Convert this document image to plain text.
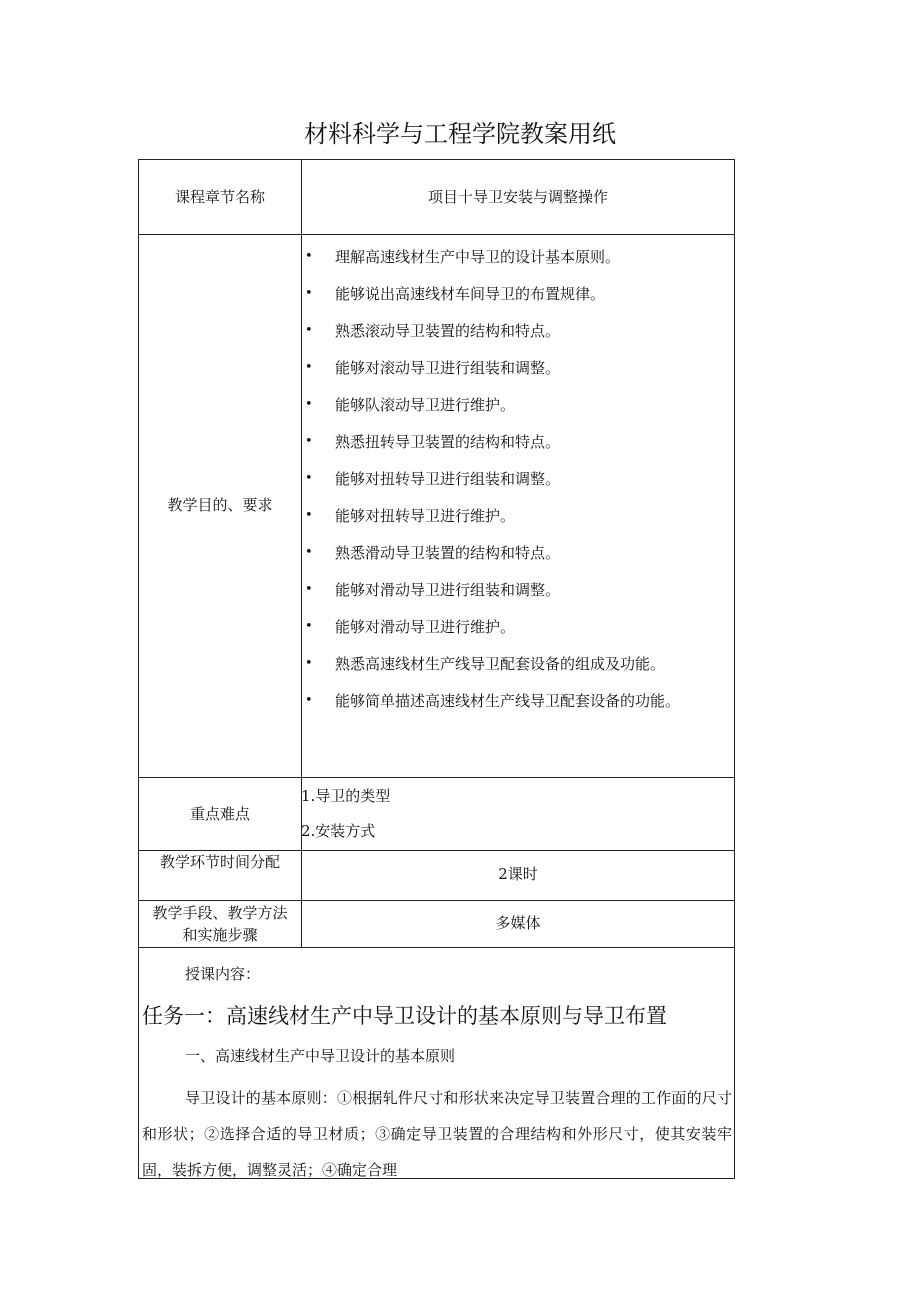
材料科学与工程学院教案用纸
课程章节名称	项目十导卫安装与调整操作
教学目的、要求
• 理解高速线材生产中导卫的设计基本原则。
• 能够说出高速线材车间导卫的布置规律。
• 熟悉滚动导卫装置的结构和特点。
• 能够对滚动导卫进行组装和调整。
• 能够队滚动导卫进行维护。
• 熟悉扭转导卫装置的结构和特点。
• 能够对扭转导卫进行组装和调整。
• 能够对扭转导卫进行维护。
• 熟悉滑动导卫装置的结构和特点。
• 能够对滑动导卫进行组装和调整。
• 能够对滑动导卫进行维护。
• 熟悉高速线材生产线导卫配套设备的组成及功能。
• 能够简单描述高速线材生产线导卫配套设备的功能。
重点难点
1.导卫的类型
2.安装方式
教学环节时间分配
2课时
教学手段、教学方法
和实施步骤
多媒体
授课内容：
任务一：高速线材生产中导卫设计的基本原则与导卫布置
一、高速线材生产中导卫设计的基本原则
导卫设计的基本原则：①根据轧件尺寸和形状来决定导卫装置合理的工作面的尺寸和形状；②选择合适的导卫材质；③确定导卫装置的合理结构和外形尺寸，使其安装牢固，装拆方便，调整灵活；④确定合理
